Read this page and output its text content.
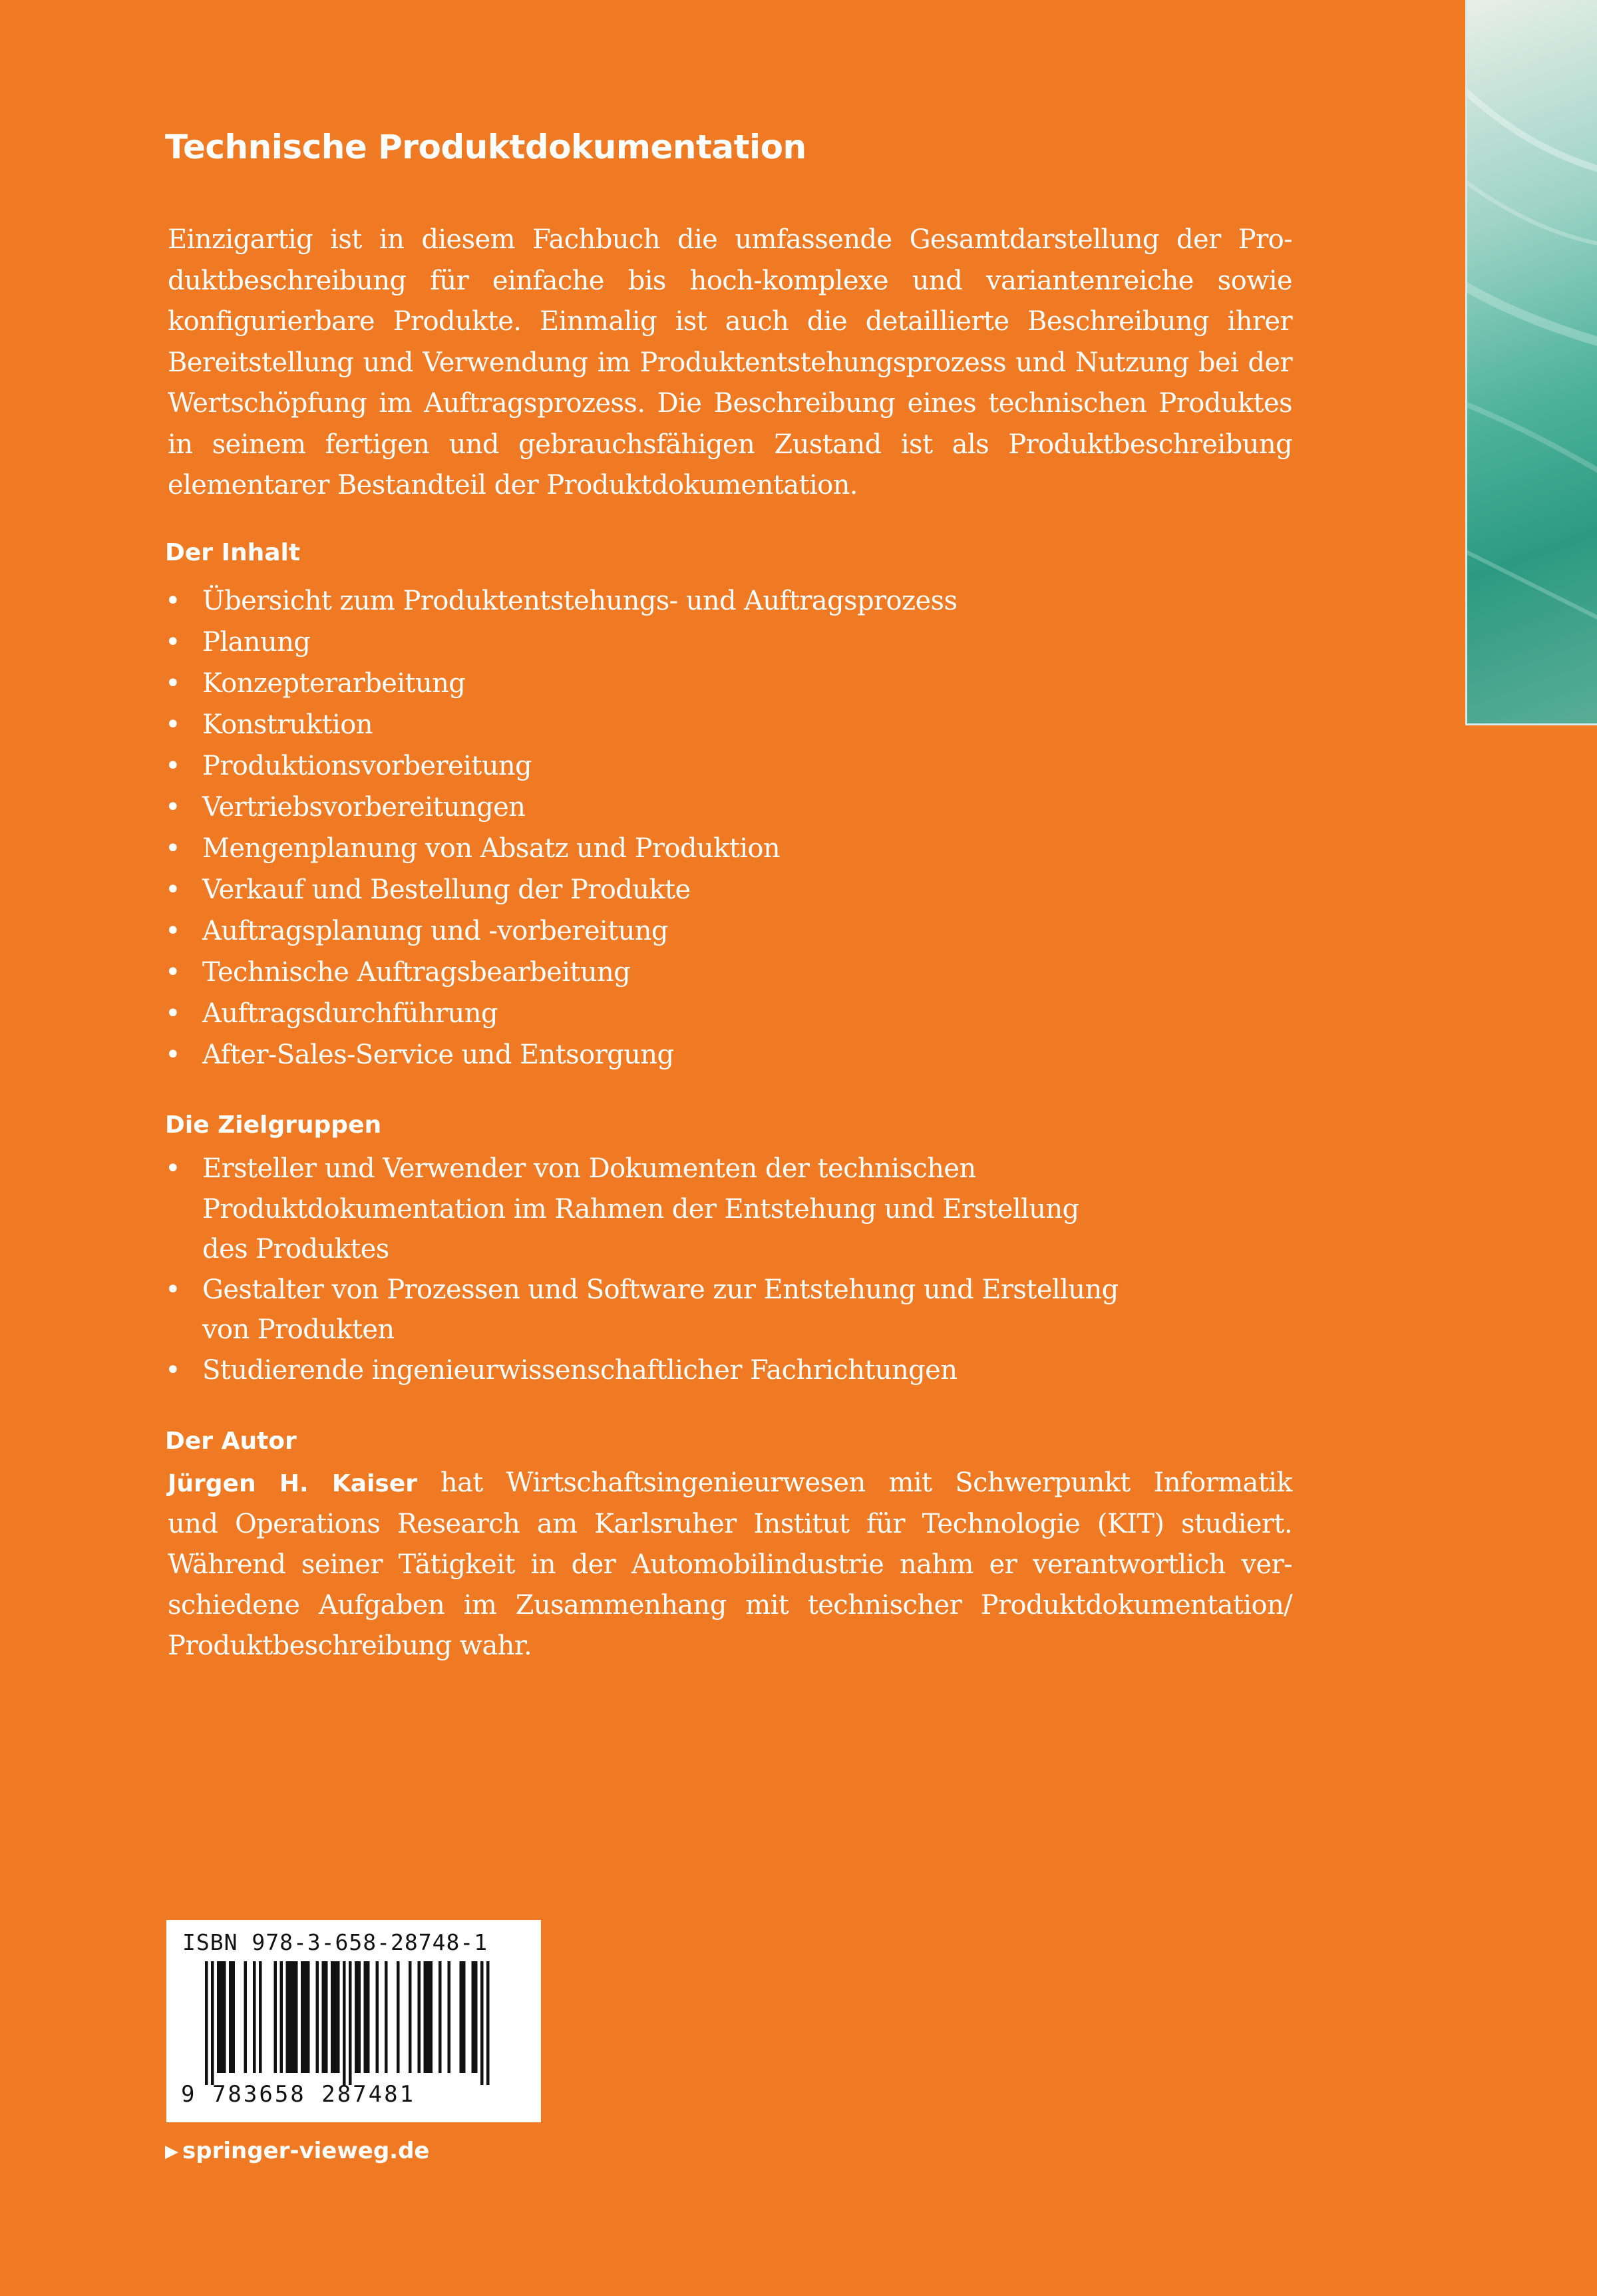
Technische Produktdokumentation
Einzigartig ist in diesem Fachbuch die umfassende Gesamtdarstellung der Pro-
duktbeschreibung für einfache bis hoch-komplexe und variantenreiche sowie
konfigurierbare Produkte. Einmalig ist auch die detaillierte Beschreibung ihrer
Bereitstellung und Verwendung im Produktentstehungsprozess und Nutzung bei der
Wertschöpfung im Auftragsprozess. Die Beschreibung eines technischen Produktes
in seinem fertigen und gebrauchsfähigen Zustand ist als Produktbeschreibung
elementarer Bestandteil der Produktdokumentation.
Der Inhalt
• Übersicht zum Produktentstehungs- und Auftragsprozess
• Planung
• Konzepterarbeitung
• Konstruktion
• Produktionsvorbereitung
• Vertriebsvorbereitungen
• Mengenplanung von Absatz und Produktion
• Verkauf und Bestellung der Produkte
• Auftragsplanung und -vorbereitung
• Technische Auftragsbearbeitung
• Auftragsdurchführung
• After-Sales-Service und Entsorgung
Die Zielgruppen
• Ersteller und Verwender von Dokumenten der technischen
Produktdokumentation im Rahmen der Entstehung und Erstellung
des Produktes
• Gestalter von Prozessen und Software zur Entstehung und Erstellung
von Produkten
• Studierende ingenieurwissenschaftlicher Fachrichtungen
Der Autor
Jürgen H. Kaiser hat Wirtschaftsingenieurwesen mit Schwerpunkt Informatik
und Operations Research am Karlsruher Institut für Technologie (KIT) studiert.
Während seiner Tätigkeit in der Automobilindustrie nahm er verantwortlich ver-
schiedene Aufgaben im Zusammenhang mit technischer Produktdokumentation/
Produktbeschreibung wahr.

ISBN 978-3-658-28748-1

9 783658 287481

▶ springer-vieweg.de
